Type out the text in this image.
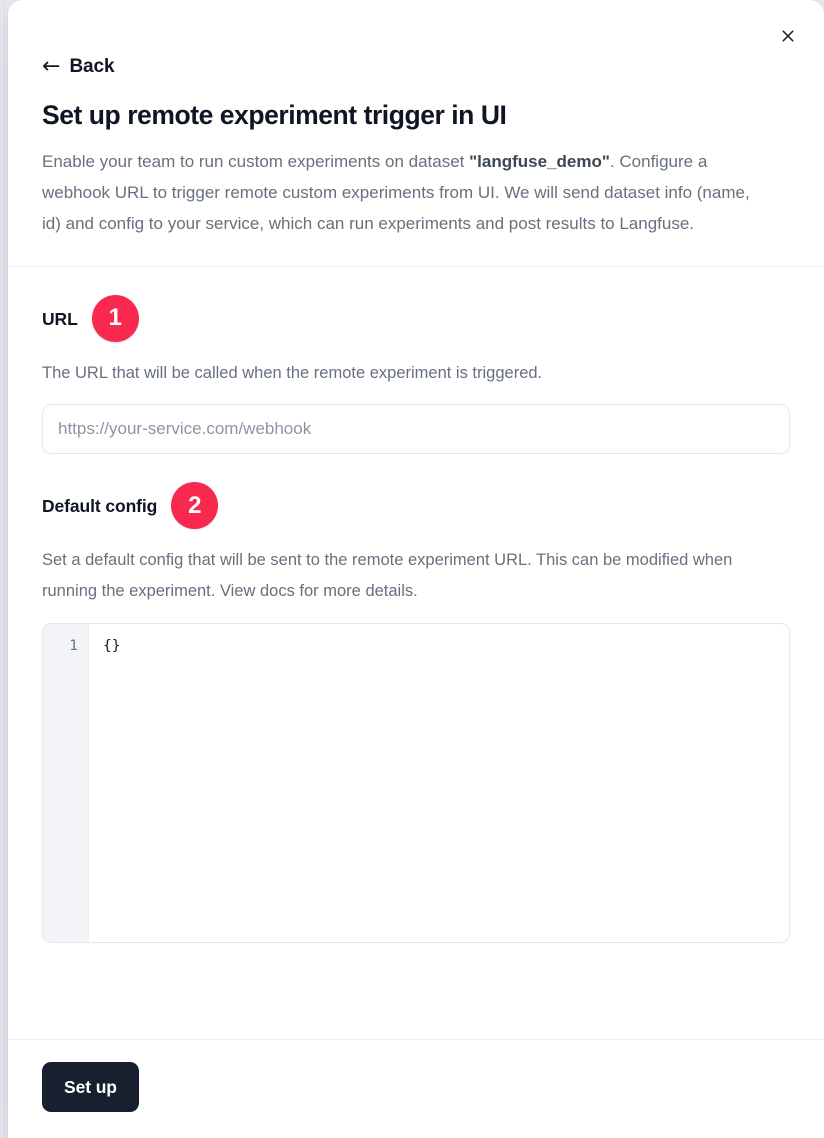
← Back
Set up remote experiment trigger in UI

Enable your team to run custom experiments on dataset "langfuse_demo". Configure a webhook URL to trigger remote custom experiments from UI. We will send dataset info (name, id) and config to your service, which can run experiments and post results to Langfuse.

URL	1

The URL that will be called when the remote experiment is triggered.

https://your-service.com/webhook
Default config	2

Set a default config that will be sent to the remote experiment URL. This can be modified when running the experiment. View docs for more details.

1	{}
Set up
